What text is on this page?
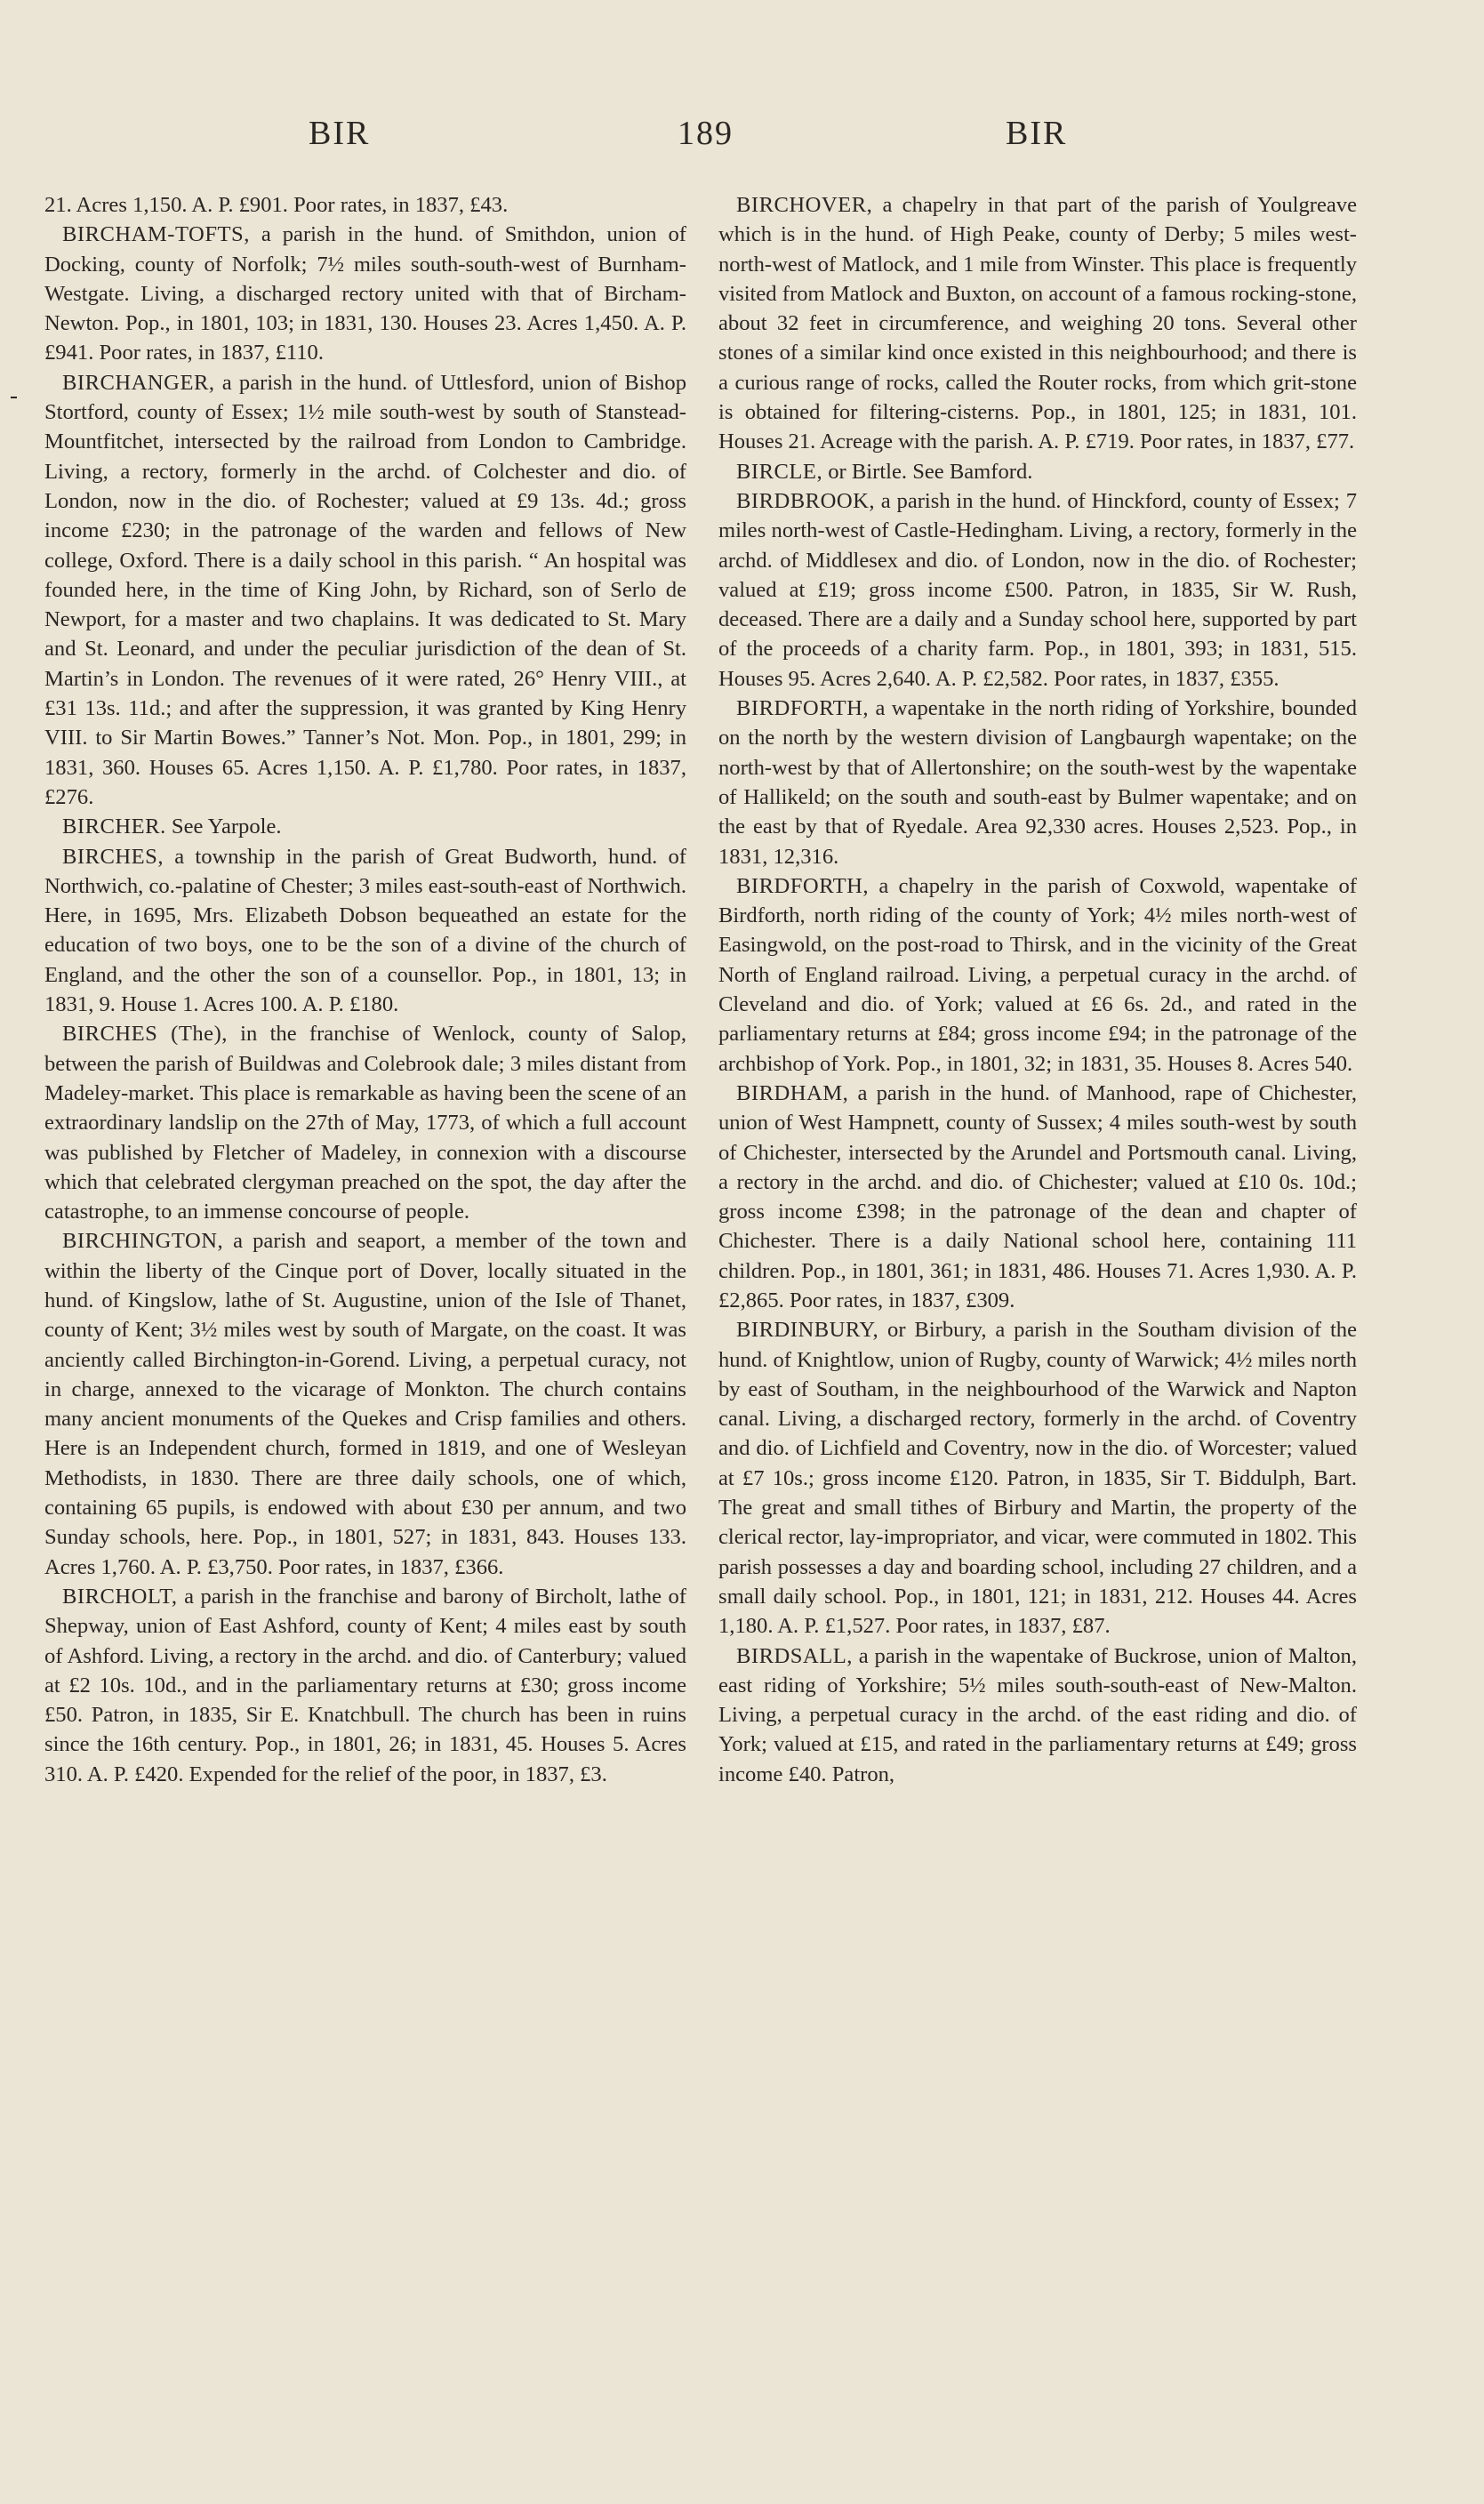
BIR	189	BIR

21. Acres 1,150. A. P. £901. Poor rates, in 1837, £43.

BIRCHAM-TOFTS, a parish in the hund. of Smithdon, union of Docking, county of Norfolk; 7½ miles south-south-west of Burnham-Westgate. Living, a discharged rectory united with that of Bircham-Newton. Pop., in 1801, 103; in 1831, 130. Houses 23. Acres 1,450. A. P. £941. Poor rates, in 1837, £110.

BIRCHANGER, a parish in the hund. of Uttlesford, union of Bishop Stortford, county of Essex; 1½ mile south-west by south of Stanstead-Mountfitchet, intersected by the railroad from London to Cambridge. Living, a rectory, formerly in the archd. of Colchester and dio. of London, now in the dio. of Rochester; valued at £9 13s. 4d.; gross income £230; in the patronage of the warden and fellows of New college, Oxford. There is a daily school in this parish. “ An hospital was founded here, in the time of King John, by Richard, son of Serlo de Newport, for a master and two chaplains. It was dedicated to St. Mary and St. Leonard, and under the peculiar jurisdiction of the dean of St. Martin’s in London. The revenues of it were rated, 26° Henry VIII., at £31 13s. 11d.; and after the suppression, it was granted by King Henry VIII. to Sir Martin Bowes.” Tanner’s Not. Mon. Pop., in 1801, 299; in 1831, 360. Houses 65. Acres 1,150. A. P. £1,780. Poor rates, in 1837, £276.

BIRCHER. See Yarpole.

BIRCHES, a township in the parish of Great Budworth, hund. of Northwich, co.-palatine of Chester; 3 miles east-south-east of Northwich. Here, in 1695, Mrs. Elizabeth Dobson bequeathed an estate for the education of two boys, one to be the son of a divine of the church of England, and the other the son of a counsellor. Pop., in 1801, 13; in 1831, 9. House 1. Acres 100. A. P. £180.

BIRCHES (The), in the franchise of Wenlock, county of Salop, between the parish of Buildwas and Colebrook dale; 3 miles distant from Madeley-market. This place is remarkable as having been the scene of an extraordinary landslip on the 27th of May, 1773, of which a full account was published by Fletcher of Madeley, in connexion with a discourse which that celebrated clergyman preached on the spot, the day after the catastrophe, to an immense concourse of people.

BIRCHINGTON, a parish and seaport, a member of the town and within the liberty of the Cinque port of Dover, locally situated in the hund. of Kingslow, lathe of St. Augustine, union of the Isle of Thanet, county of Kent; 3½ miles west by south of Margate, on the coast. It was anciently called Birchington-in-Gorend. Living, a perpetual curacy, not in charge, annexed to the vicarage of Monkton. The church contains many ancient monuments of the Quekes and Crisp families and others. Here is an Independent church, formed in 1819, and one of Wesleyan Methodists, in 1830. There are three daily schools, one of which, containing 65 pupils, is endowed with about £30 per annum, and two Sunday schools, here. Pop., in 1801, 527; in 1831, 843. Houses 133. Acres 1,760. A. P. £3,750. Poor rates, in 1837, £366.

BIRCHOLT, a parish in the franchise and barony of Bircholt, lathe of Shepway, union of East Ashford, county of Kent; 4 miles east by south of Ashford. Living, a rectory in the archd. and dio. of Canterbury; valued at £2 10s. 10d., and in the parliamentary returns at £30; gross income £50. Patron, in 1835, Sir E. Knatchbull. The church has been in ruins since the 16th century. Pop., in 1801, 26; in 1831, 45. Houses 5. Acres 310. A. P. £420. Expended for the relief of the poor, in 1837, £3.

BIRCHOVER, a chapelry in that part of the parish of Youlgreave which is in the hund. of High Peake, county of Derby; 5 miles west-north-west of Matlock, and 1 mile from Winster. This place is frequently visited from Matlock and Buxton, on account of a famous rocking-stone, about 32 feet in circumference, and weighing 20 tons. Several other stones of a similar kind once existed in this neighbourhood; and there is a curious range of rocks, called the Router rocks, from which grit-stone is obtained for filtering-cisterns. Pop., in 1801, 125; in 1831, 101. Houses 21. Acreage with the parish. A. P. £719. Poor rates, in 1837, £77.

BIRCLE, or Birtle. See Bamford.

BIRDBROOK, a parish in the hund. of Hinckford, county of Essex; 7 miles north-west of Castle-Hedingham. Living, a rectory, formerly in the archd. of Middlesex and dio. of London, now in the dio. of Rochester; valued at £19; gross income £500. Patron, in 1835, Sir W. Rush, deceased. There are a daily and a Sunday school here, supported by part of the proceeds of a charity farm. Pop., in 1801, 393; in 1831, 515. Houses 95. Acres 2,640. A. P. £2,582. Poor rates, in 1837, £355.

BIRDFORTH, a wapentake in the north riding of Yorkshire, bounded on the north by the western division of Langbaurgh wapentake; on the north-west by that of Allertonshire; on the south-west by the wapentake of Hallikeld; on the south and south-east by Bulmer wapentake; and on the east by that of Ryedale. Area 92,330 acres. Houses 2,523. Pop., in 1831, 12,316.

BIRDFORTH, a chapelry in the parish of Coxwold, wapentake of Birdforth, north riding of the county of York; 4½ miles north-west of Easingwold, on the post-road to Thirsk, and in the vicinity of the Great North of England railroad. Living, a perpetual curacy in the archd. of Cleveland and dio. of York; valued at £6 6s. 2d., and rated in the parliamentary returns at £84; gross income £94; in the patronage of the archbishop of York. Pop., in 1801, 32; in 1831, 35. Houses 8. Acres 540.

BIRDHAM, a parish in the hund. of Manhood, rape of Chichester, union of West Hampnett, county of Sussex; 4 miles south-west by south of Chichester, intersected by the Arundel and Portsmouth canal. Living, a rectory in the archd. and dio. of Chichester; valued at £10 0s. 10d.; gross income £398; in the patronage of the dean and chapter of Chichester. There is a daily National school here, containing 111 children. Pop., in 1801, 361; in 1831, 486. Houses 71. Acres 1,930. A. P. £2,865. Poor rates, in 1837, £309.

BIRDINBURY, or Birbury, a parish in the Southam division of the hund. of Knightlow, union of Rugby, county of Warwick; 4½ miles north by east of Southam, in the neighbourhood of the Warwick and Napton canal. Living, a discharged rectory, formerly in the archd. of Coventry and dio. of Lichfield and Coventry, now in the dio. of Worcester; valued at £7 10s.; gross income £120. Patron, in 1835, Sir T. Biddulph, Bart. The great and small tithes of Birbury and Martin, the property of the clerical rector, lay-impropriator, and vicar, were commuted in 1802. This parish possesses a day and boarding school, including 27 children, and a small daily school. Pop., in 1801, 121; in 1831, 212. Houses 44. Acres 1,180. A. P. £1,527. Poor rates, in 1837, £87.

BIRDSALL, a parish in the wapentake of Buckrose, union of Malton, east riding of Yorkshire; 5½ miles south-south-east of New-Malton. Living, a perpetual curacy in the archd. of the east riding and dio. of York; valued at £15, and rated in the parliamentary returns at £49; gross income £40. Patron,
